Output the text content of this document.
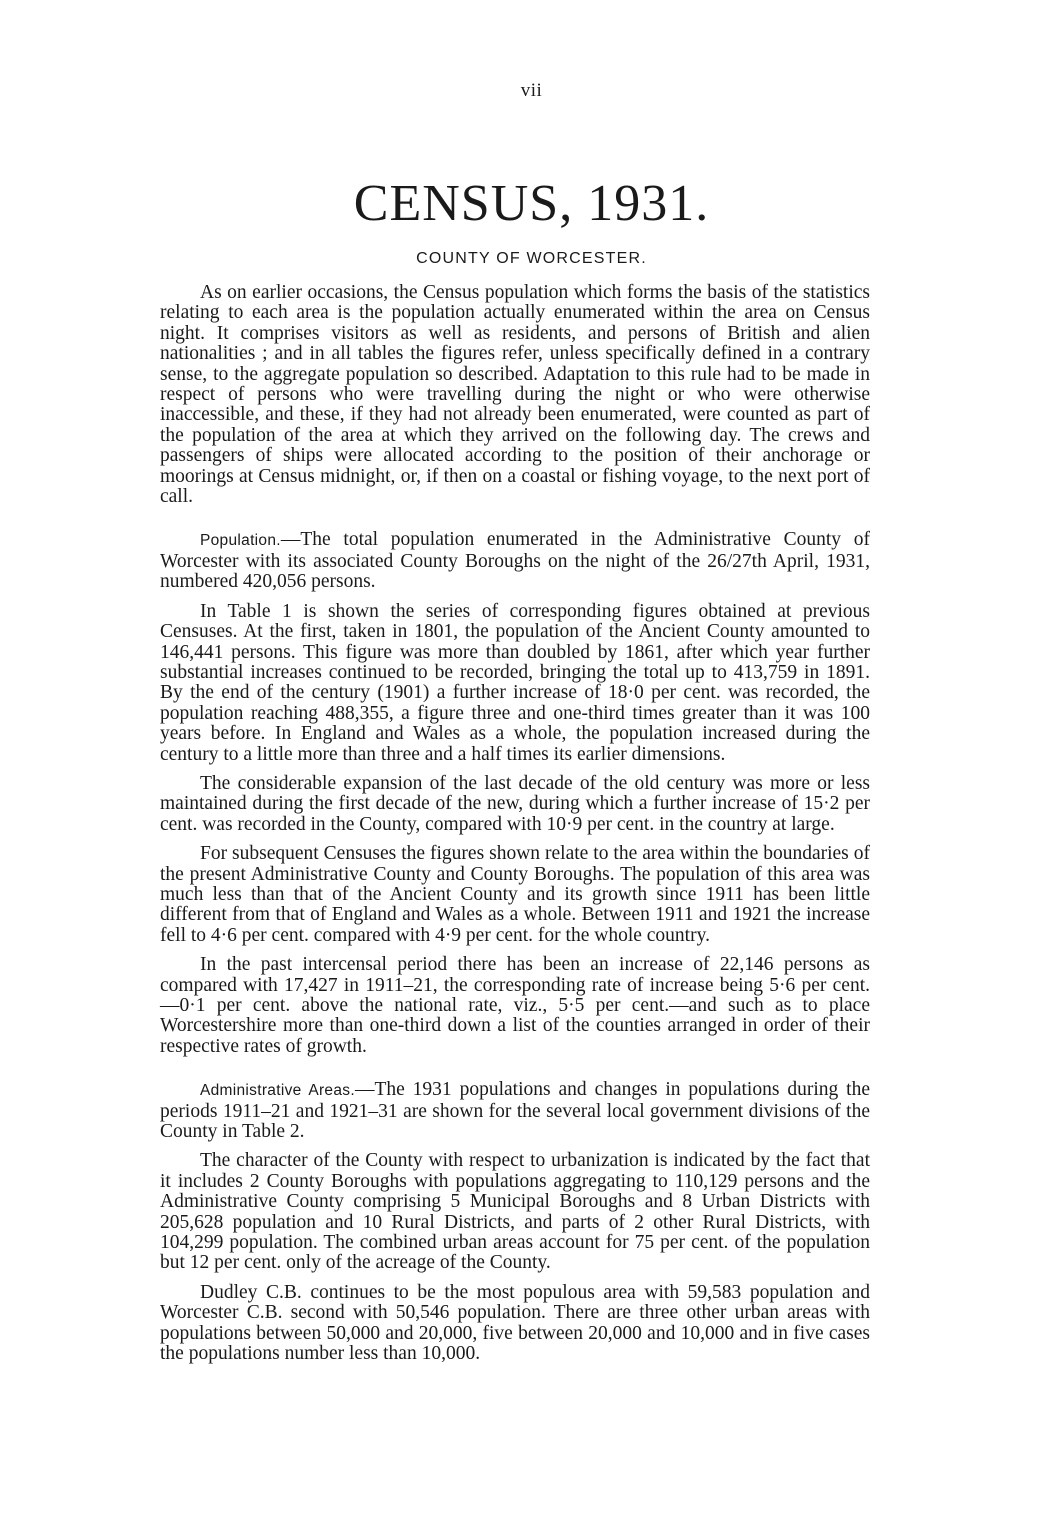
vii
CENSUS, 1931.
COUNTY OF WORCESTER.

As on earlier occasions, the Census population which forms the basis of the statistics relating to each area is the population actually enumerated within the area on Census night. It comprises visitors as well as residents, and persons of British and alien nationalities ; and in all tables the figures refer, unless specifically defined in a contrary sense, to the aggregate population so described. Adaptation to this rule had to be made in respect of persons who were travelling during the night or who were otherwise inaccessible, and these, if they had not already been enumerated, were counted as part of the population of the area at which they arrived on the following day. The crews and passengers of ships were allocated according to the position of their anchorage or moorings at Census midnight, or, if then on a coastal or fishing voyage, to the next port of call.

Population.—The total population enumerated in the Administrative County of Worcester with its associated County Boroughs on the night of the 26/27th April, 1931, numbered 420,056 persons.

In Table 1 is shown the series of corresponding figures obtained at previous Censuses. At the first, taken in 1801, the population of the Ancient County amounted to 146,441 persons. This figure was more than doubled by 1861, after which year further substantial increases continued to be recorded, bringing the total up to 413,759 in 1891. By the end of the century (1901) a further increase of 18·0 per cent. was recorded, the population reaching 488,355, a figure three and one-third times greater than it was 100 years before. In England and Wales as a whole, the population increased during the century to a little more than three and a half times its earlier dimensions.

The considerable expansion of the last decade of the old century was more or less maintained during the first decade of the new, during which a further increase of 15·2 per cent. was recorded in the County, compared with 10·9 per cent. in the country at large.

For subsequent Censuses the figures shown relate to the area within the boundaries of the present Administrative County and County Boroughs. The population of this area was much less than that of the Ancient County and its growth since 1911 has been little different from that of England and Wales as a whole. Between 1911 and 1921 the increase fell to 4·6 per cent. compared with 4·9 per cent. for the whole country.

In the past intercensal period there has been an increase of 22,146 persons as compared with 17,427 in 1911–21, the corresponding rate of increase being 5·6 per cent.—0·1 per cent. above the national rate, viz., 5·5 per cent.—and such as to place Worcestershire more than one-third down a list of the counties arranged in order of their respective rates of growth.

Administrative Areas.—The 1931 populations and changes in populations during the periods 1911–21 and 1921–31 are shown for the several local government divisions of the County in Table 2.

The character of the County with respect to urbanization is indicated by the fact that it includes 2 County Boroughs with populations aggregating to 110,129 persons and the Administrative County comprising 5 Municipal Boroughs and 8 Urban Districts with 205,628 population and 10 Rural Districts, and parts of 2 other Rural Districts, with 104,299 population. The combined urban areas account for 75 per cent. of the population but 12 per cent. only of the acreage of the County.

Dudley C.B. continues to be the most populous area with 59,583 population and Worcester C.B. second with 50,546 population. There are three other urban areas with populations between 50,000 and 20,000, five between 20,000 and 10,000 and in five cases the populations number less than 10,000.
